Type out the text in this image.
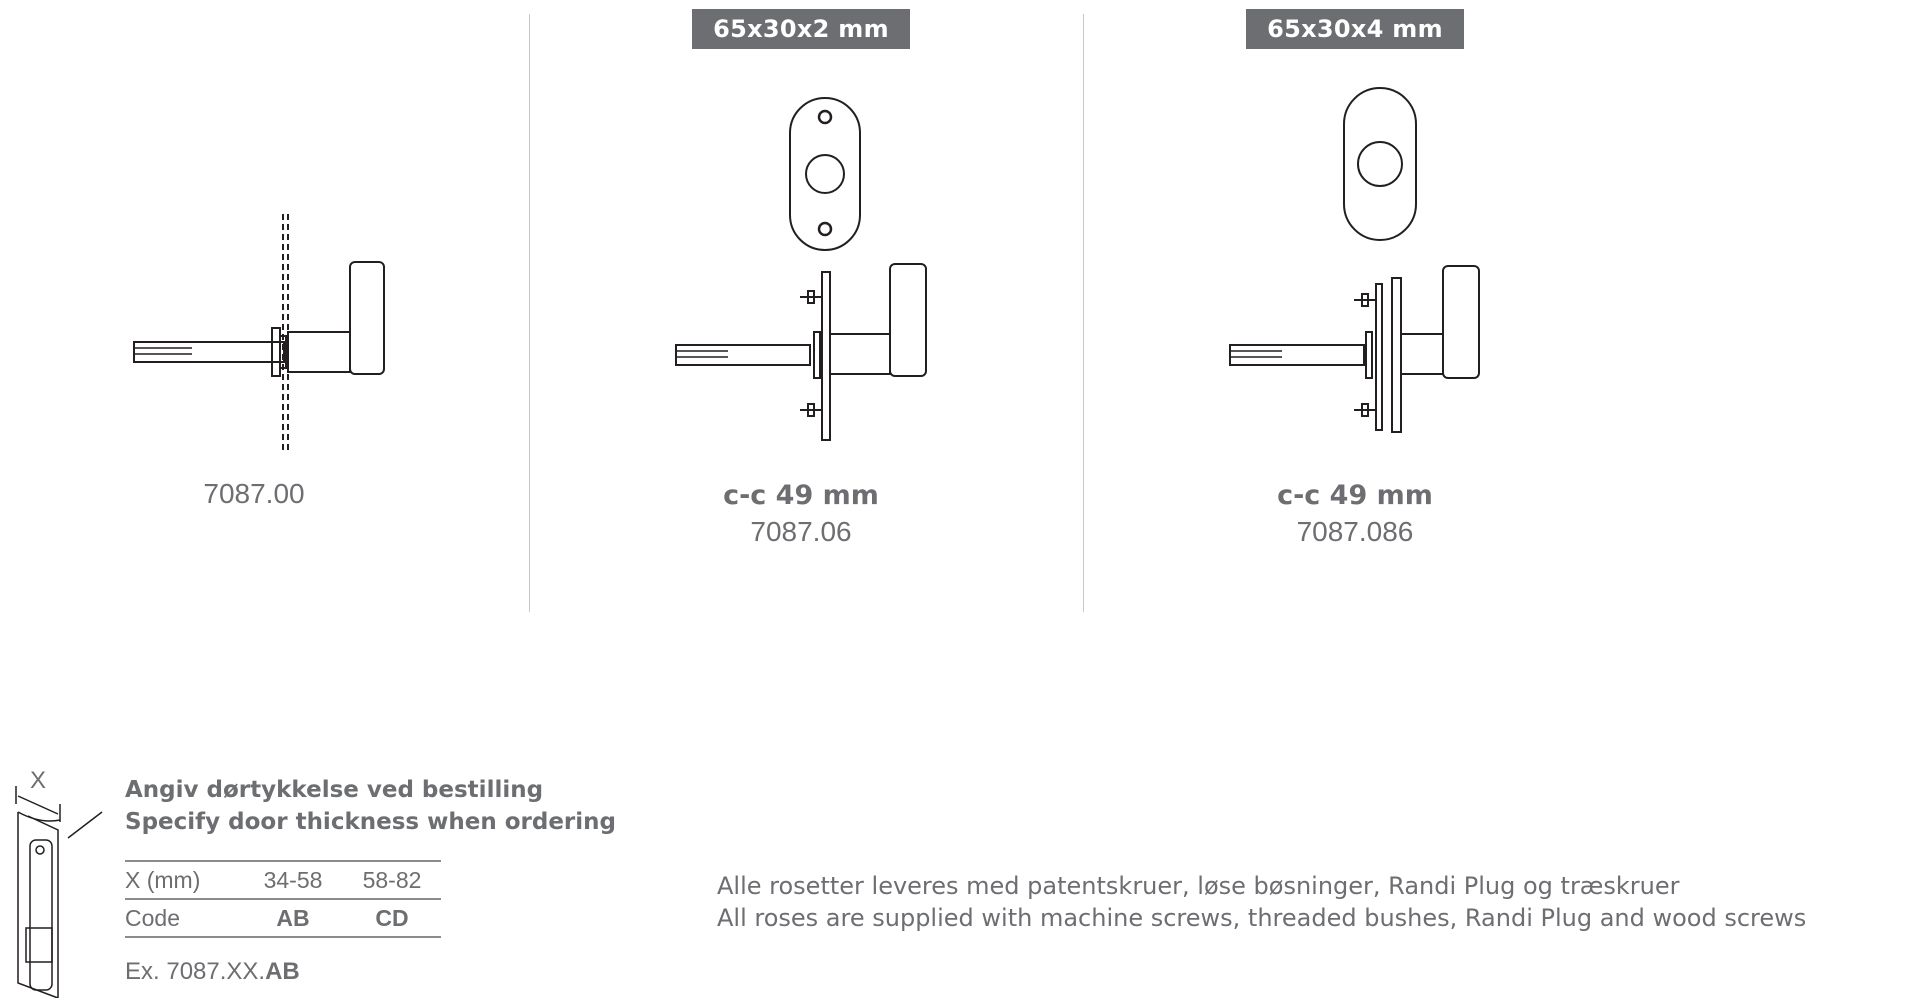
7087.00
65x30x2 mm
c-c 49 mm
7087.06
65x30x4 mm
c-c 49 mm
7087.086
X	Angiv dørtykkelse ved bestilling
Specify door thickness when ordering
X (mm)	34-58	58-82
Code	AB	CD
Ex. 7087.XX.AB
Alle rosetter leveres med patentskruer, løse bøsninger, Randi Plug og træskruer
All roses are supplied with machine screws, threaded bushes, Randi Plug and wood screws
